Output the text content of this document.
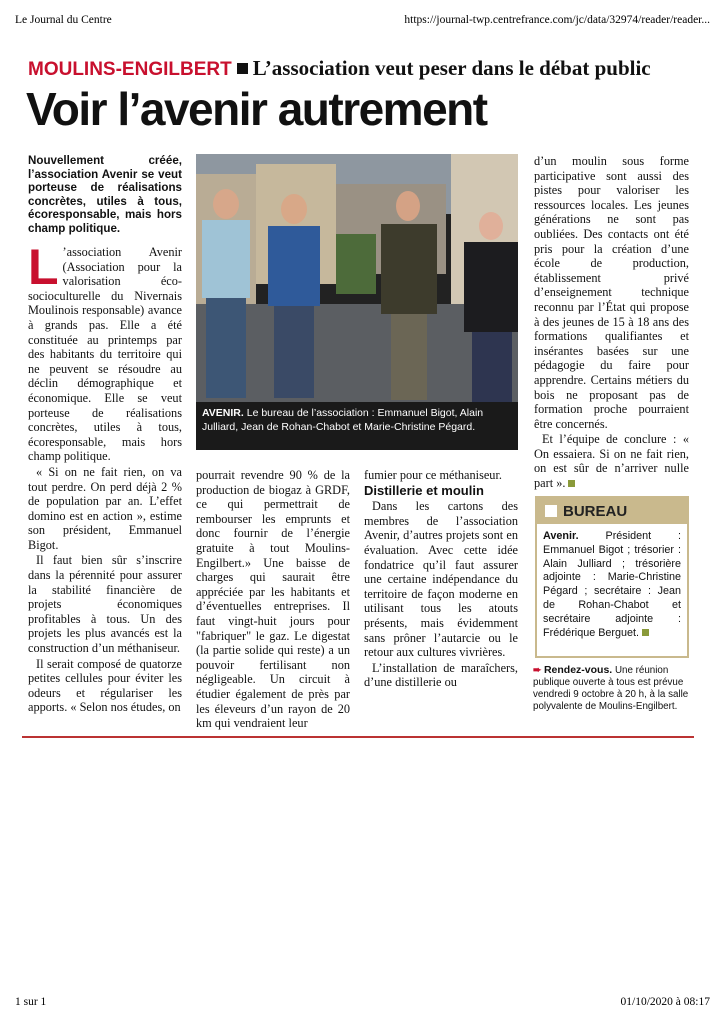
Le Journal du Centre	https://journal-twp.centrefrance.com/jc/data/32974/reader/reader...
MOULINS-ENGILBERT L’association veut peser dans le débat public
Voir l’avenir autrement

Nouvellement créée, l’association Avenir se veut porteuse de réalisations concrètes, utiles à tous, écoresponsable, mais hors champ politique.

L ’association Avenir (Association pour la valorisation éco-socioculturelle du Nivernais Moulinois responsable) avance à grands pas. Elle a été constituée au printemps par des habitants du territoire qui ne peuvent se résoudre au déclin démographique et économique. Elle se veut porteuse de réalisations concrètes, utiles à tous, écoresponsable, mais hors champ politique.

« Si on ne fait rien, on va tout perdre. On perd déjà 2 % de population par an. L’effet domino est en action », estime son président, Emmanuel Bigot.

Il faut bien sûr s’inscrire dans la pérennité pour assurer la stabilité financière de projets économiques profitables à tous. Un des projets les plus avancés est la construction d’un méthaniseur.

Il serait composé de quatorze petites cellules pour éviter les odeurs et régulariser les apports. « Selon nos études, on

AVENIR. Le bureau de l’association : Emmanuel Bigot, Alain Julliard, Jean de Rohan-Chabot et Marie-Christine Pégard.

pourrait revendre 90 % de la production de biogaz à GRDF, ce qui permettrait de rembourser les emprunts et donc fournir de l’énergie gratuite à tout Moulins-Engilbert.» Une baisse de charges qui saurait être appréciée par les habitants et d’éventuelles entreprises. Il faut vingt-huit jours pour "fabriquer" le gaz. Le digestat (la partie solide qui reste) a un pouvoir fertilisant non négligeable. Un circuit à étudier également de près par les éleveurs d’un rayon de 20 km qui vendraient leur

fumier pour ce méthaniseur.

Distillerie et moulin

Dans les cartons des membres de l’association Avenir, d’autres projets sont en évaluation. Avec cette idée fondatrice qu’il faut assurer une certaine indépendance du territoire de façon moderne en utilisant tous les atouts présents, mais évidemment sans prôner l’autarcie ou le retour aux cultures vivrières.

L’installation de maraîchers, d’une distillerie ou

d’un moulin sous forme participative sont aussi des pistes pour valoriser les ressources locales. Les jeunes générations ne sont pas oubliées. Des contacts ont été pris pour la création d’une école de production, établissement privé d’enseignement technique reconnu par l’État qui propose à des jeunes de 15 à 18 ans des formations qualifiantes et insérantes basées sur une pédagogie du faire pour apprendre. Certains métiers du bois ne proposant pas de formation proche pourraient être concernés.

Et l’équipe de conclure : « On essaiera. Si on ne fait rien, on est sûr de n’arriver nulle part ».

BUREAU
Avenir. Président : Emmanuel Bigot ; trésorier : Alain Julliard ; trésorière adjointe : Marie-Christine Pégard ; secrétaire : Jean de Rohan-Chabot et secrétaire adjointe : Frédérique Berguet.
➨ Rendez-vous. Une réunion publique ouverte à tous est prévue vendredi 9 octobre à 20 h, à la salle polyvalente de Moulins-Engilbert.
1 sur 1	01/10/2020 à 08:17
